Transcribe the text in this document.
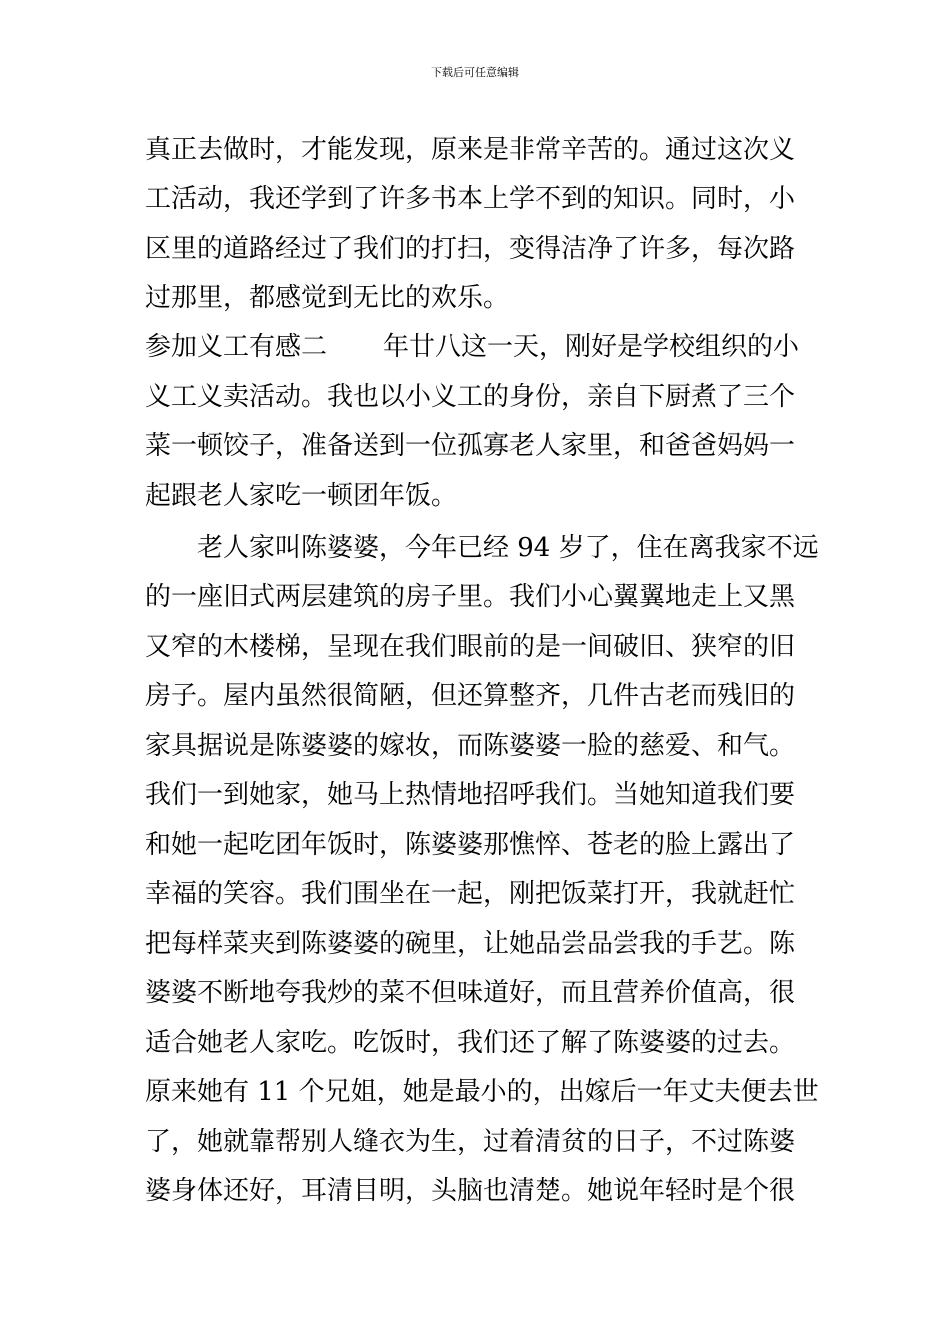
下载后可任意编辑
真正去做时，才能发现，原来是非常辛苦的。通过这次义
工活动，我还学到了许多书本上学不到的知识。同时，小
区里的道路经过了我们的打扫，变得洁净了许多，每次路
过那里，都感觉到无比的欢乐。
参加义工有感二 年廿八这一天，刚好是学校组织的小
义工义卖活动。我也以小义工的身份，亲自下厨煮了三个
菜一顿饺子，准备送到一位孤寡老人家里，和爸爸妈妈一
起跟老人家吃一顿团年饭。
　　老人家叫陈婆婆，今年已经 94 岁了，住在离我家不远
的一座旧式两层建筑的房子里。我们小心翼翼地走上又黑
又窄的木楼梯，呈现在我们眼前的是一间破旧、狭窄的旧
房子。屋内虽然很简陋，但还算整齐，几件古老而残旧的
家具据说是陈婆婆的嫁妆，而陈婆婆一脸的慈爱、和气。
我们一到她家，她马上热情地招呼我们。当她知道我们要
和她一起吃团年饭时，陈婆婆那憔悴、苍老的脸上露出了
幸福的笑容。我们围坐在一起，刚把饭菜打开，我就赶忙
把每样菜夹到陈婆婆的碗里，让她品尝品尝我的手艺。陈
婆婆不断地夸我炒的菜不但味道好，而且营养价值高，很
适合她老人家吃。吃饭时，我们还了解了陈婆婆的过去。
原来她有 11 个兄姐，她是最小的，出嫁后一年丈夫便去世
了，她就靠帮别人缝衣为生，过着清贫的日子，不过陈婆
婆身体还好，耳清目明，头脑也清楚。她说年轻时是个很
